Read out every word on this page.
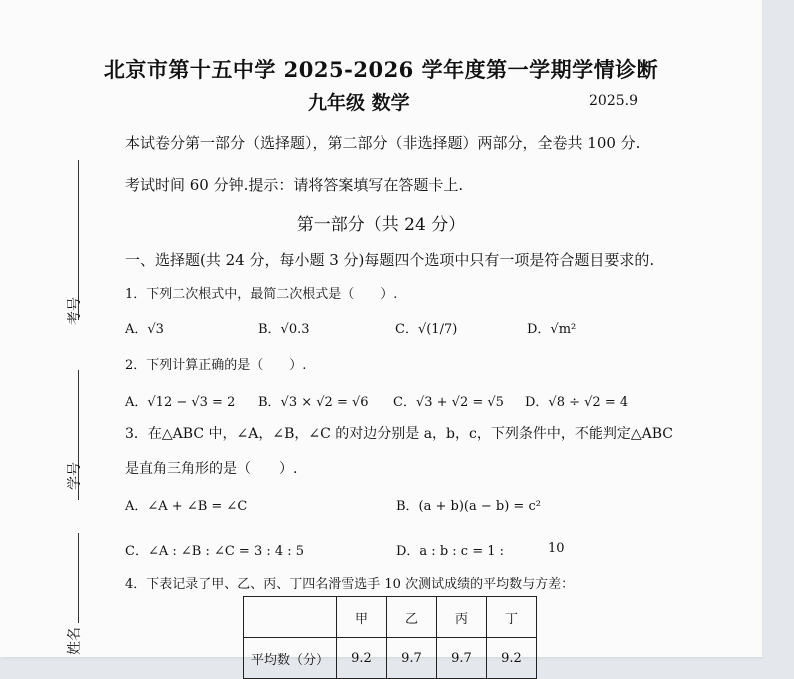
考号
学号
姓名
北京市第十五中学 2025-2026 学年度第一学期学情诊断
九年级 数学	2025.9
本试卷分第一部分（选择题），第二部分（非选择题）两部分，全卷共 100 分.
考试时间 60 分钟.提示：请将答案填写在答题卡上.
第一部分（共 24 分）
一、选择题(共 24 分，每小题 3 分)每题四个选项中只有一项是符合题目要求的.
1．下列二次根式中，最简二次根式是（　　）.
A．√3	B．√0.3	C．√(1/7)	D．√m²
2．下列计算正确的是（　　）.
A．√12 − √3 = 2 B．√3 × √2 = √6 C．√3 + √2 = √5 D．√8 ÷ √2 = 4
3．在△ABC 中，∠A，∠B，∠C 的对边分别是 a，b，c，下列条件中，不能判定△ABC
是直角三角形的是（　　）.
A．∠A + ∠B = ∠C	B．(a + b)(a − b) = c²
C．∠A : ∠B : ∠C = 3 : 4 : 5	D．a : b : c = 1 :	10
4．下表记录了甲、乙、丙、丁四名滑雪选手 10 次测试成绩的平均数与方差：
	甲	乙	丙	丁
平均数（分）	9.2	9.7	9.7	9.2
